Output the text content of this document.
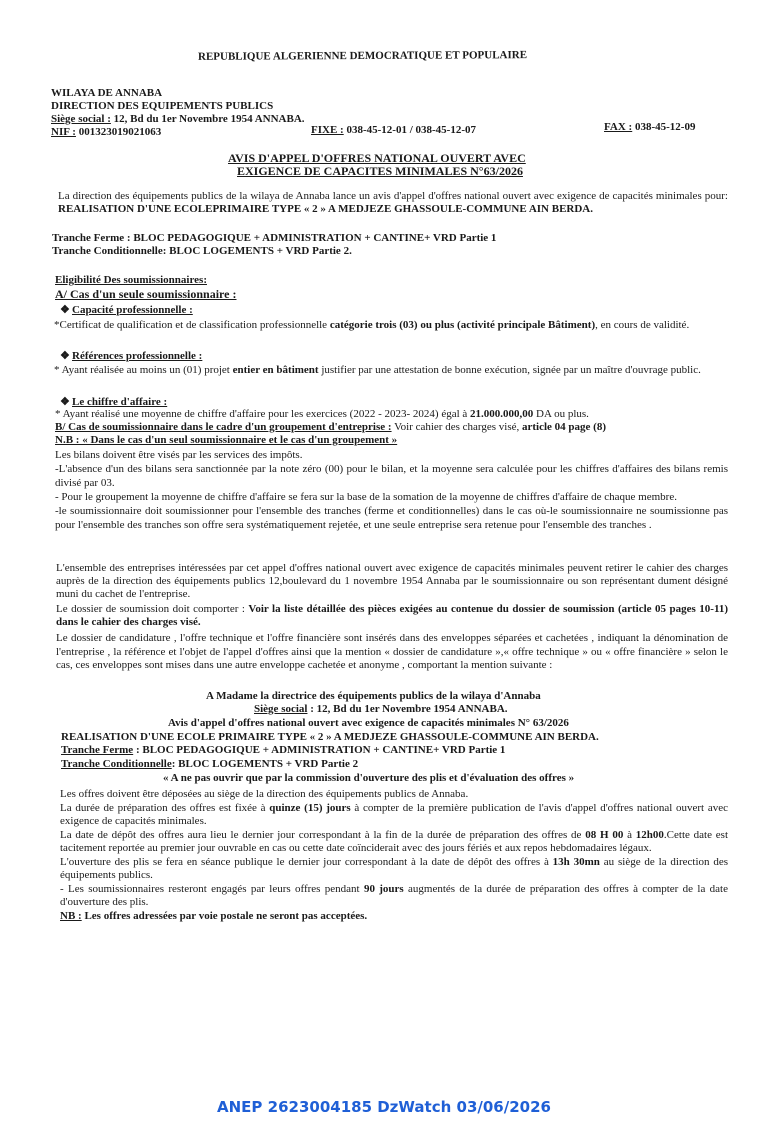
REPUBLIQUE ALGERIENNE DEMOCRATIQUE ET POPULAIRE
WILAYA DE ANNABA
DIRECTION DES EQUIPEMENTS PUBLICS
Siège social : 12, Bd du 1er Novembre 1954 ANNABA.
NIF : 001323019021063	FIXE : 038-45-12-01 / 038-45-12-07	FAX : 038-45-12-09
AVIS D'APPEL D'OFFRES NATIONAL OUVERT AVEC
EXIGENCE DE CAPACITES MINIMALES N°63/2026
La direction des équipements publics de la wilaya de Annaba lance un avis d'appel d'offres national ouvert avec exigence de capacités minimales pour: REALISATION D'UNE ECOLEPRIMAIRE TYPE « 2 » A MEDJEZE GHASSOULE-COMMUNE AIN BERDA.
Tranche Ferme : BLOC PEDAGOGIQUE + ADMINISTRATION + CANTINE+ VRD Partie 1
Tranche Conditionnelle: BLOC LOGEMENTS + VRD Partie 2.
Eligibilité Des soumissionnaires:
A/ Cas d'un seule soumissionnaire :
❖ Capacité professionnelle :
*Certificat de qualification et de classification professionnelle catégorie trois (03) ou plus (activité principale Bâtiment), en cours de validité.
❖ Références professionnelle :
* Ayant réalisée au moins un (01) projet entier en bâtiment justifier par une attestation de bonne exécution, signée par un maître d'ouvrage public.
❖ Le chiffre d'affaire :
* Ayant réalisé une moyenne de chiffre d'affaire pour les exercices (2022 - 2023- 2024) égal à 21.000.000,00 DA ou plus.
B/ Cas de soumissionnaire dans le cadre d'un groupement d'entreprise : Voir cahier des charges visé, article 04 page (8)
N.B : « Dans le cas d'un seul soumissionnaire et le cas d'un groupement »
Les bilans doivent être visés par les services des impôts.
-L'absence d'un des bilans sera sanctionnée par la note zéro (00) pour le bilan, et la moyenne sera calculée pour les chiffres d'affaires des bilans remis divisé par 03.
- Pour le groupement la moyenne de chiffre d'affaire se fera sur la base de la somation de la moyenne de chiffres d'affaire de chaque membre.
-le soumissionnaire doit soumissionner pour l'ensemble des tranches (ferme et conditionnelles) dans le cas où-le soumissionnaire ne soumissionne pas pour l'ensemble des tranches son offre sera systématiquement rejetée, et une seule entreprise sera retenue pour l'ensemble des tranches .
L'ensemble des entreprises intéressées par cet appel d'offres national ouvert avec exigence de capacités minimales peuvent retirer le cahier des charges auprès de la direction des équipements publics 12,boulevard du 1 novembre 1954 Annaba par le soumissionnaire ou son représentant dument désigné muni du cachet de l'entreprise.
Le dossier de soumission doit comporter : Voir la liste détaillée des pièces exigées au contenue du dossier de soumission (article 05 pages 10-11) dans le cahier des charges visé.
Le dossier de candidature , l'offre technique et l'offre financière sont insérés dans des enveloppes séparées et cachetées , indiquant la dénomination de l'entreprise , la référence et l'objet de l'appel d'offres ainsi que la mention « dossier de candidature »,« offre technique » ou « offre financière » selon le cas, ces enveloppes sont mises dans une autre enveloppe cachetée et anonyme , comportant la mention suivante :
A Madame la directrice des équipements publics de la wilaya d'Annaba
Siège social : 12, Bd du 1er Novembre 1954 ANNABA.
Avis d'appel d'offres national ouvert avec exigence de capacités minimales N° 63/2026
REALISATION D'UNE ECOLE PRIMAIRE TYPE « 2 » A MEDJEZE GHASSOULE-COMMUNE AIN BERDA.
Tranche Ferme : BLOC PEDAGOGIQUE + ADMINISTRATION + CANTINE+ VRD Partie 1
Tranche Conditionnelle: BLOC LOGEMENTS + VRD Partie 2
« A ne pas ouvrir que par la commission d'ouverture des plis et d'évaluation des offres »
Les offres doivent être déposées au siège de la direction des équipements publics de Annaba.
La durée de préparation des offres est fixée à quinze (15) jours à compter de la première publication de l'avis d'appel d'offres national ouvert avec exigence de capacités minimales.
La date de dépôt des offres aura lieu le dernier jour correspondant à la fin de la durée de préparation des offres de 08 H 00 à 12h00.Cette date est tacitement reportée au premier jour ouvrable en cas ou cette date coïnciderait avec des jours fériés et aux repos hebdomadaires légaux.
L'ouverture des plis se fera en séance publique le dernier jour correspondant à la date de dépôt des offres à 13h 30mn au siège de la direction des équipements publics.
- Les soumissionnaires resteront engagés par leurs offres pendant 90 jours augmentés de la durée de préparation des offres à compter de la date d'ouverture des plis.
NB : Les offres adressées par voie postale ne seront pas acceptées.
ANEP 2623004185 DzWatch 03/06/2026
